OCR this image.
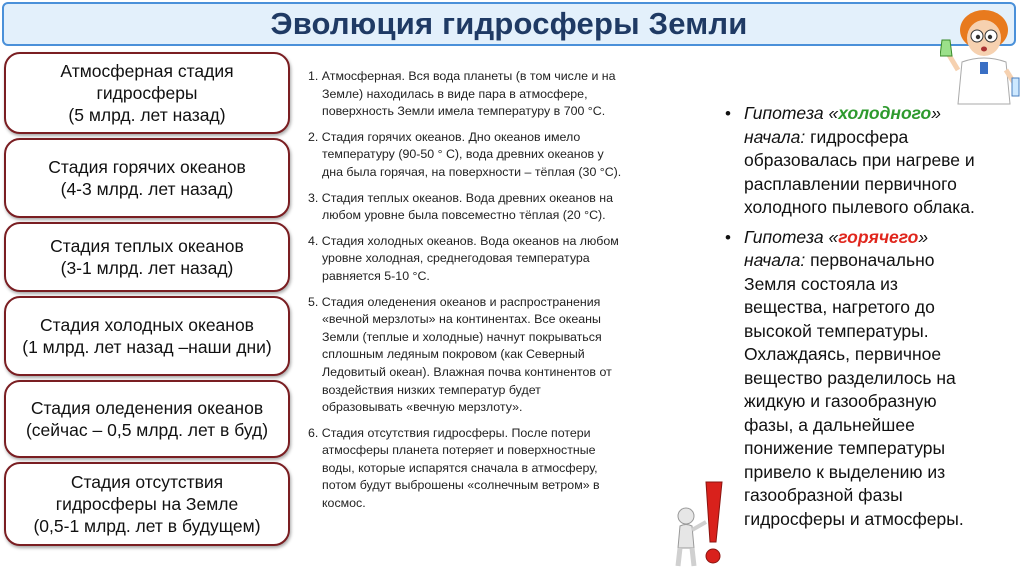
Эволюция гидросферы Земли
Атмосферная стадия
гидросферы
(5 млрд. лет назад)
Стадия горячих океанов
(4-3 млрд. лет назад)
Стадия теплых океанов
(3-1 млрд. лет назад)
Стадия холодных океанов
(1 млрд. лет назад –наши дни)
Стадия оледенения океанов
(сейчас – 0,5 млрд. лет в буд)
Стадия отсутствия
гидросферы на Земле
(0,5-1 млрд. лет в будущем)
1. Атмосферная. Вся вода планеты (в том числе и на
Земле) находилась в виде пара в атмосфере,
поверхность Земли имела температуру в 700 °С.
2. Стадия горячих океанов. Дно океанов имело
температуру (90-50 ° С), вода древних океанов у
дна была горячая, на поверхности – тёплая (30 °С).
3. Стадия теплых океанов. Вода древних океанов на
любом уровне была повсеместно тёплая (20 °С).
4. Стадия холодных океанов. Вода океанов на любом
уровне холодная, среднегодовая температура
равняется 5-10 °С.
5. Стадия оледенения океанов и распространения
«вечной мерзлоты» на континентах. Все океаны
Земли (теплые и холодные) начнут покрываться
сплошным ледяным покровом (как Северный
Ледовитый океан). Влажная почва континентов от
воздействия низких температур будет
образовывать «вечную мерзлоту».
6. Стадия отсутствия гидросферы. После потери
атмосферы планета потеряет и поверхностные
воды, которые испарятся сначала в атмосферу,
потом будут выброшены «солнечным ветром» в
космос.
• Гипотеза «холодного»
начала: гидросфера
образовалась при нагреве и
расплавлении первичного
холодного пылевого облака.
• Гипотеза «горячего»
начала: первоначально
Земля состояла из
вещества, нагретого до
высокой температуры.
Охлаждаясь, первичное
вещество разделилось на
жидкую и газообразную
фазы, а дальнейшее
понижение температуры
привело к выделению из
газообразной фазы
гидросферы и атмосферы.
